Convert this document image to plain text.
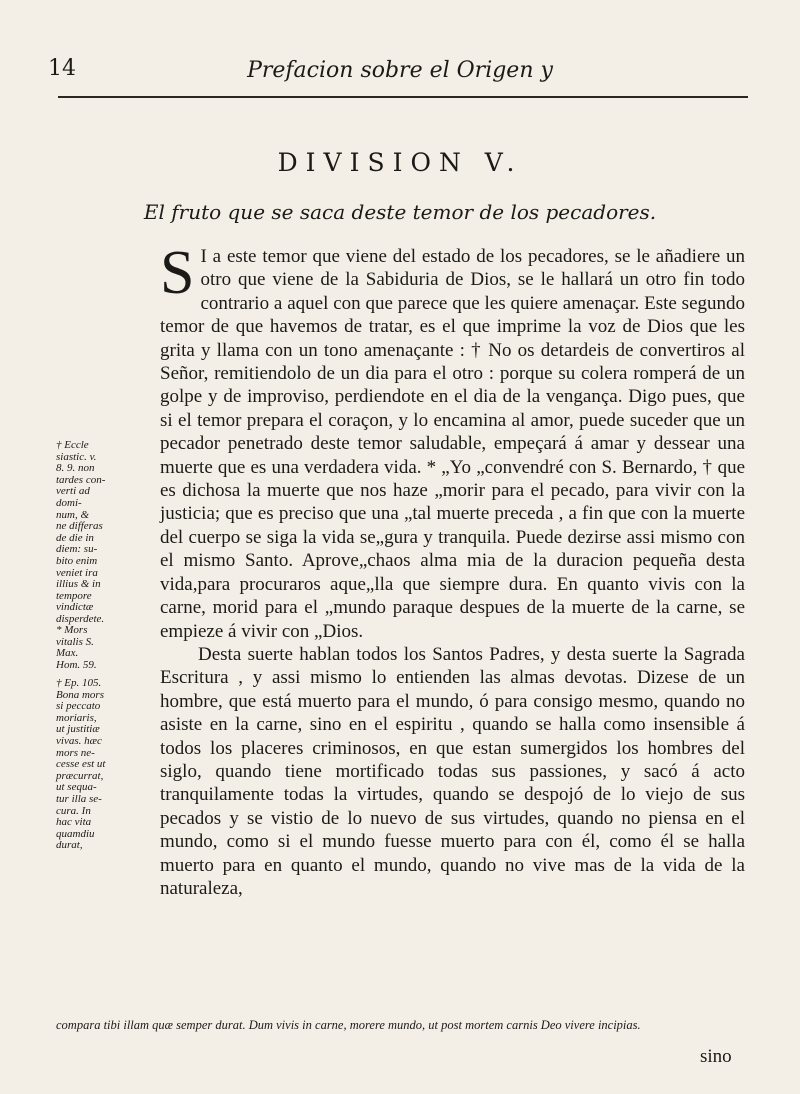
14	Prefacion sobre el Origen y
DIVISION V.
El fruto que se saca deste temor de los pecadores.
† Eccle
siastic. v.
8. 9. non
tardes con-
verti ad
domi-
num, &
ne differas
de die in
diem: su-
bito enim
veniet ira
illius & in
tempore
vindictæ
disperdete.
* Mors
vitalis S.
Max.
Hom. 59.
† Ep. 105.
Bona mors
si peccato
moriaris,
ut justitiæ
vivas. hæc
mors ne-
cesse est ut
præcurrat,
ut sequa-
tur illa se-
cura. In
hac vita
quamdiu
durat,

S I a este temor que viene del estado de los pecadores, se le añadiere un otro que viene de la Sabiduria de Dios, se le hallará un otro fin todo contrario a aquel con que parece que les quiere amenaçar. Este segundo temor de que havemos de tratar, es el que imprime la voz de Dios que les grita y llama con un tono amenaçante : † No os detardeis de convertiros al Señor, remitiendolo de un dia para el otro : porque su colera romperá de un golpe y de improviso, perdiendote en el dia de la vengança. Digo pues, que si el temor prepara el coraçon, y lo encamina al amor, puede suceder que un pecador penetrado deste temor saludable, empeçará á amar y dessear una muerte que es una verdadera vida. * „Yo „convendré con S. Bernardo, † que es dichosa la muerte que nos haze „morir para el pecado, para vivir con la justicia; que es preciso que una „tal muerte preceda , a fin que con la muerte del cuerpo se siga la vida se„gura y tranquila. Puede dezirse assi mismo con el mismo Santo. Aprove„chaos alma mia de la duracion pequeña desta vida,para procuraros aque„lla que siempre dura. En quanto vivis con la carne, morid para el „mundo paraque despues de la muerte de la carne, se empieze á vivir con „Dios.

Desta suerte hablan todos los Santos Padres, y desta suerte la Sagrada Escritura , y assi mismo lo entienden las almas devotas. Dizese de un hombre, que está muerto para el mundo, ó para consigo mesmo, quando no asiste en la carne, sino en el espiritu , quando se halla como insensible á todos los placeres criminosos, en que estan sumergidos los hombres del siglo, quando tiene mortificado todas sus passiones, y sacó á acto tranquilamente todas la virtudes, quando se despojó de lo viejo de sus pecados y se vistio de lo nuevo de sus virtudes, quando no piensa en el mundo, como si el mundo fuesse muerto para con él, como él se halla muerto para en quanto el mundo, quando no vive mas de la vida de la naturaleza,

compara tibi illam quæ semper durat. Dum vivis in carne, morere mundo, ut post mortem carnis Deo vivere incipias.
sino
